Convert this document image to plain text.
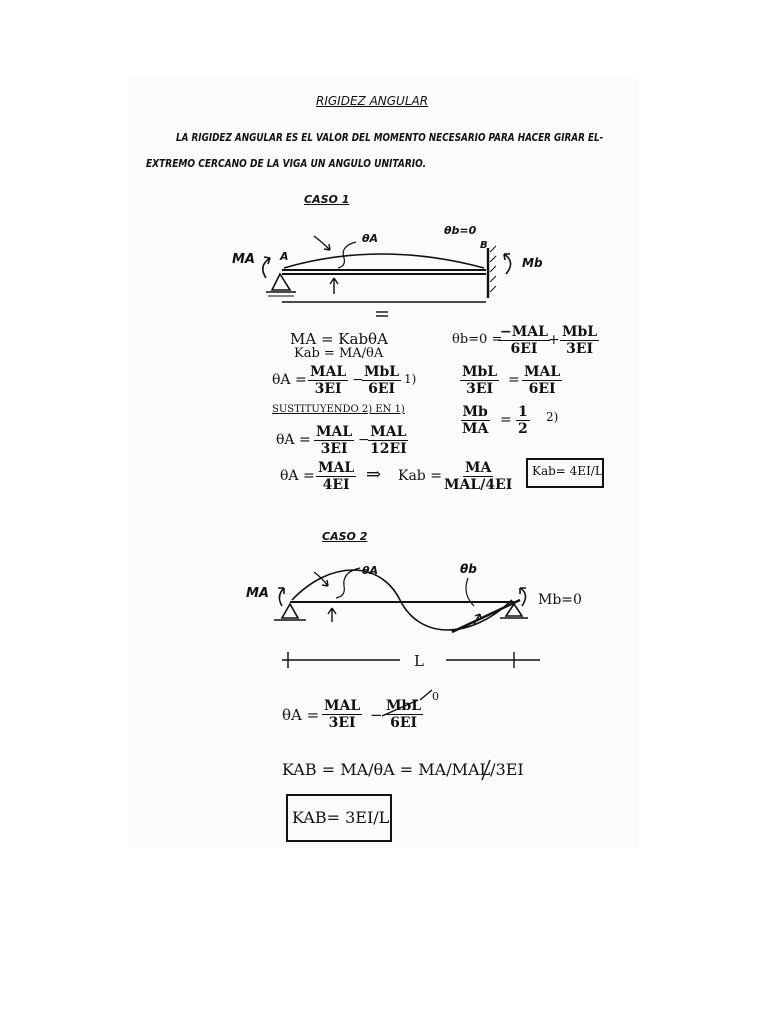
RIGIDEZ ANGULAR
LA RIGIDEZ ANGULAR ES EL VALOR DEL MOMENTO NECESARIO PARA HACER GIRAR EL-
EXTREMO CERCANO DE LA VIGA UN ANGULO UNITARIO.
CASO 1
MA A
θA
θb=0
B
Mb
MA = KabθA
Kab = MA/θA
θA = MAL
3EI
− MbL
6EI
1)
SUSTITUYENDO 2) EN 1)
θA = MAL
3EI
− MAL
12EI
θA = MAL
4EI ⇒ Kab = MA
MAL/4EI
Kab= 4EI/L
θb=0 =
−MAL
6EI
+ MbL
3EI
MbL
3EI
= MAL
6EI
$\frac{Mb}{MA} = \frac{1}{2} 2$)
CASO 2
MA
θA	θb
Mb=0
L
θA = MAL
3EI − MbL
6EI
0
KAB = MA/θA = MA/MAL/3EI
KAB= 3EI/L
